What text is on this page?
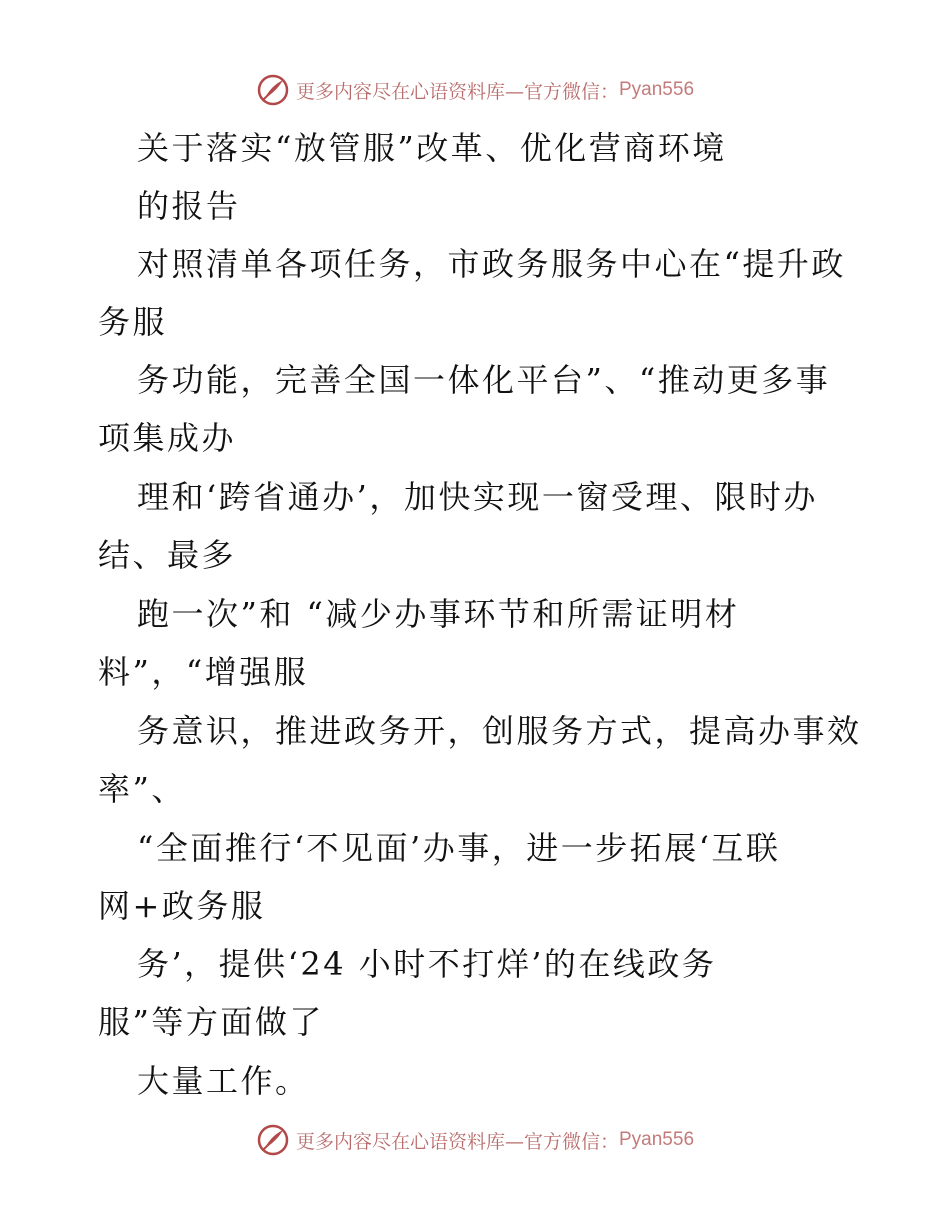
更多内容尽在心语资料库—官方微信： Pyan556
关于落实“放管服”改革、优化营商环境
的报告
对照清单各项任务，市政务服务中心在“提升政
务服
务功能，完善全国一体化平台”、“推动更多事
项集成办
理和‘跨省通办’，加快实现一窗受理、限时办
结、最多
跑一次”和 “减少办事环节和所需证明材
料”，“增强服
务意识，推进政务开，创服务方式，提高办事效
率”、
“全面推行‘不见面’办事，进一步拓展‘互联
网+政务服
务’，提供‘24 小时不打烊’的在线政务
服”等方面做了
大量工作。
更多内容尽在心语资料库—官方微信： Pyan556
